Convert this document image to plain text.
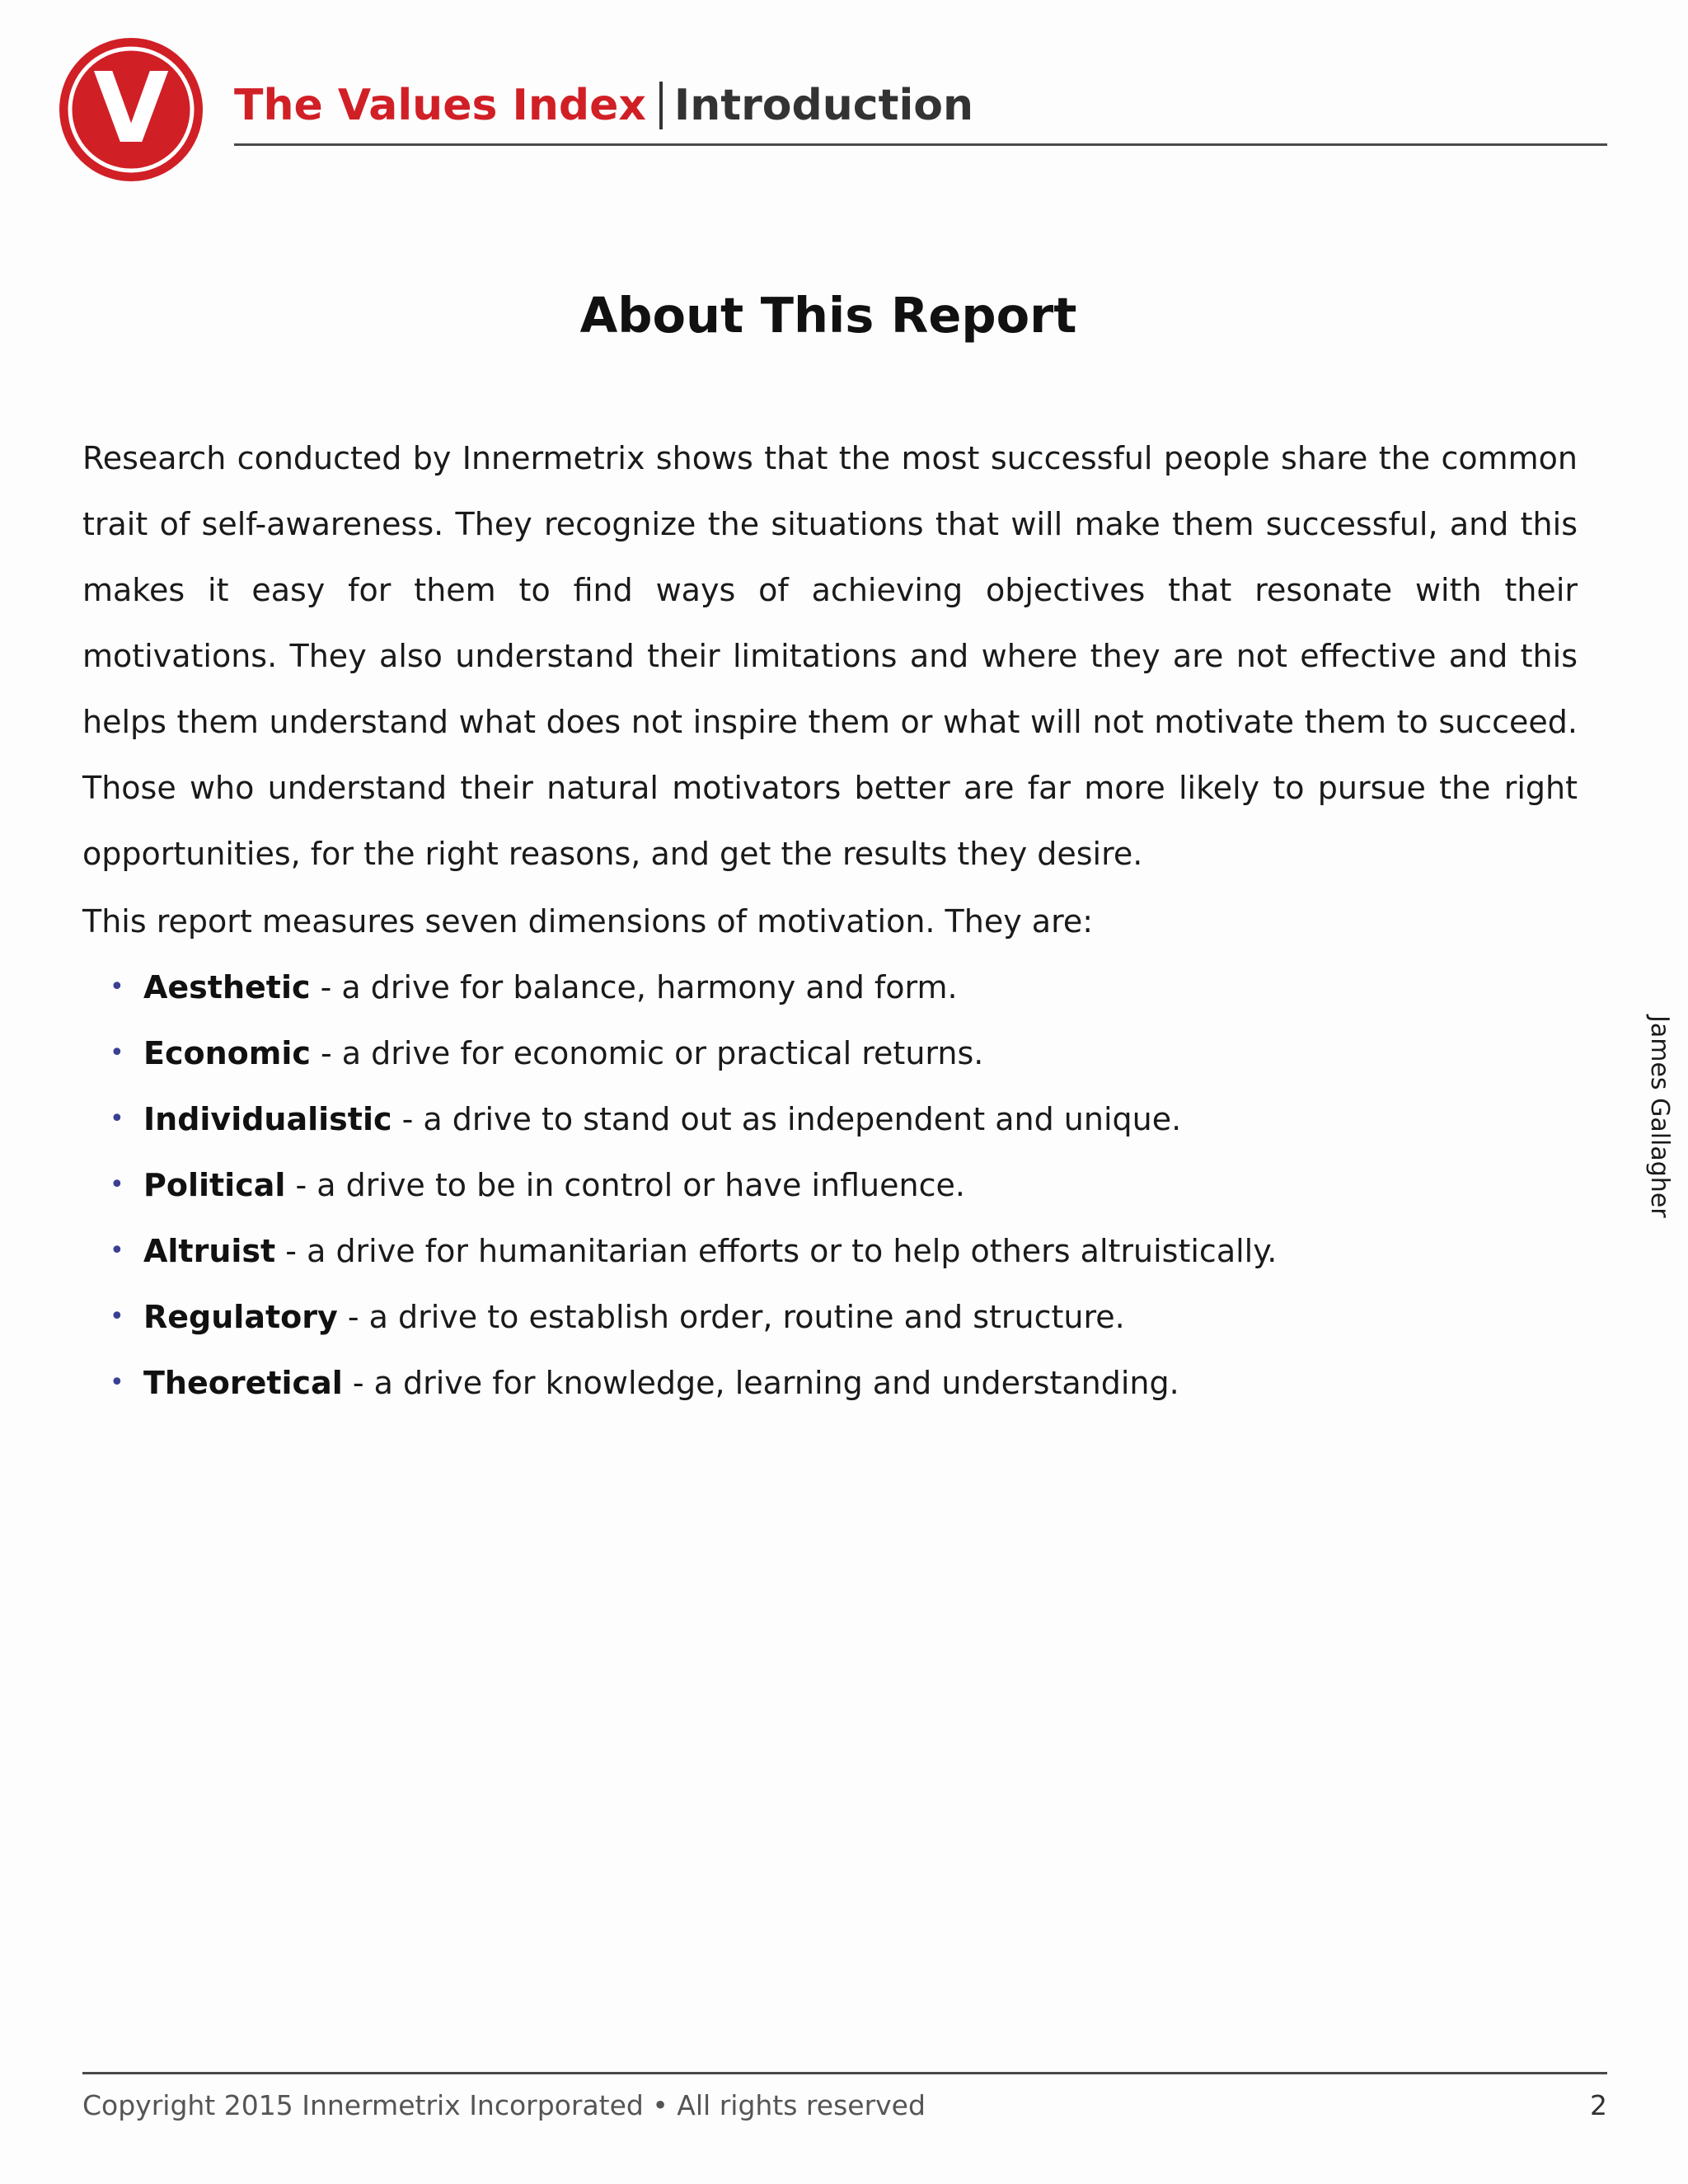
V The Values Index Introduction
About This Report
Research conducted by Innermetrix shows that the most successful people share the common trait of self-awareness. They recognize the situations that will make them successful, and this makes it easy for them to find ways of achieving objectives that resonate with their motivations. They also understand their limitations and where they are not effective and this helps them understand what does not inspire them or what will not motivate them to succeed. Those who understand their natural motivators better are far more likely to pursue the right opportunities, for the right reasons, and get the results they desire.
This report measures seven dimensions of motivation. They are:
• Aesthetic - a drive for balance, harmony and form.
• Economic - a drive for economic or practical returns.
• Individualistic - a drive to stand out as independent and unique.
• Political - a drive to be in control or have influence.
• Altruist - a drive for humanitarian efforts or to help others altruistically.
• Regulatory - a drive to establish order, routine and structure.
• Theoretical - a drive for knowledge, learning and understanding.
James Gallagher
Copyright 2015 Innermetrix Incorporated • All rights reserved	2
